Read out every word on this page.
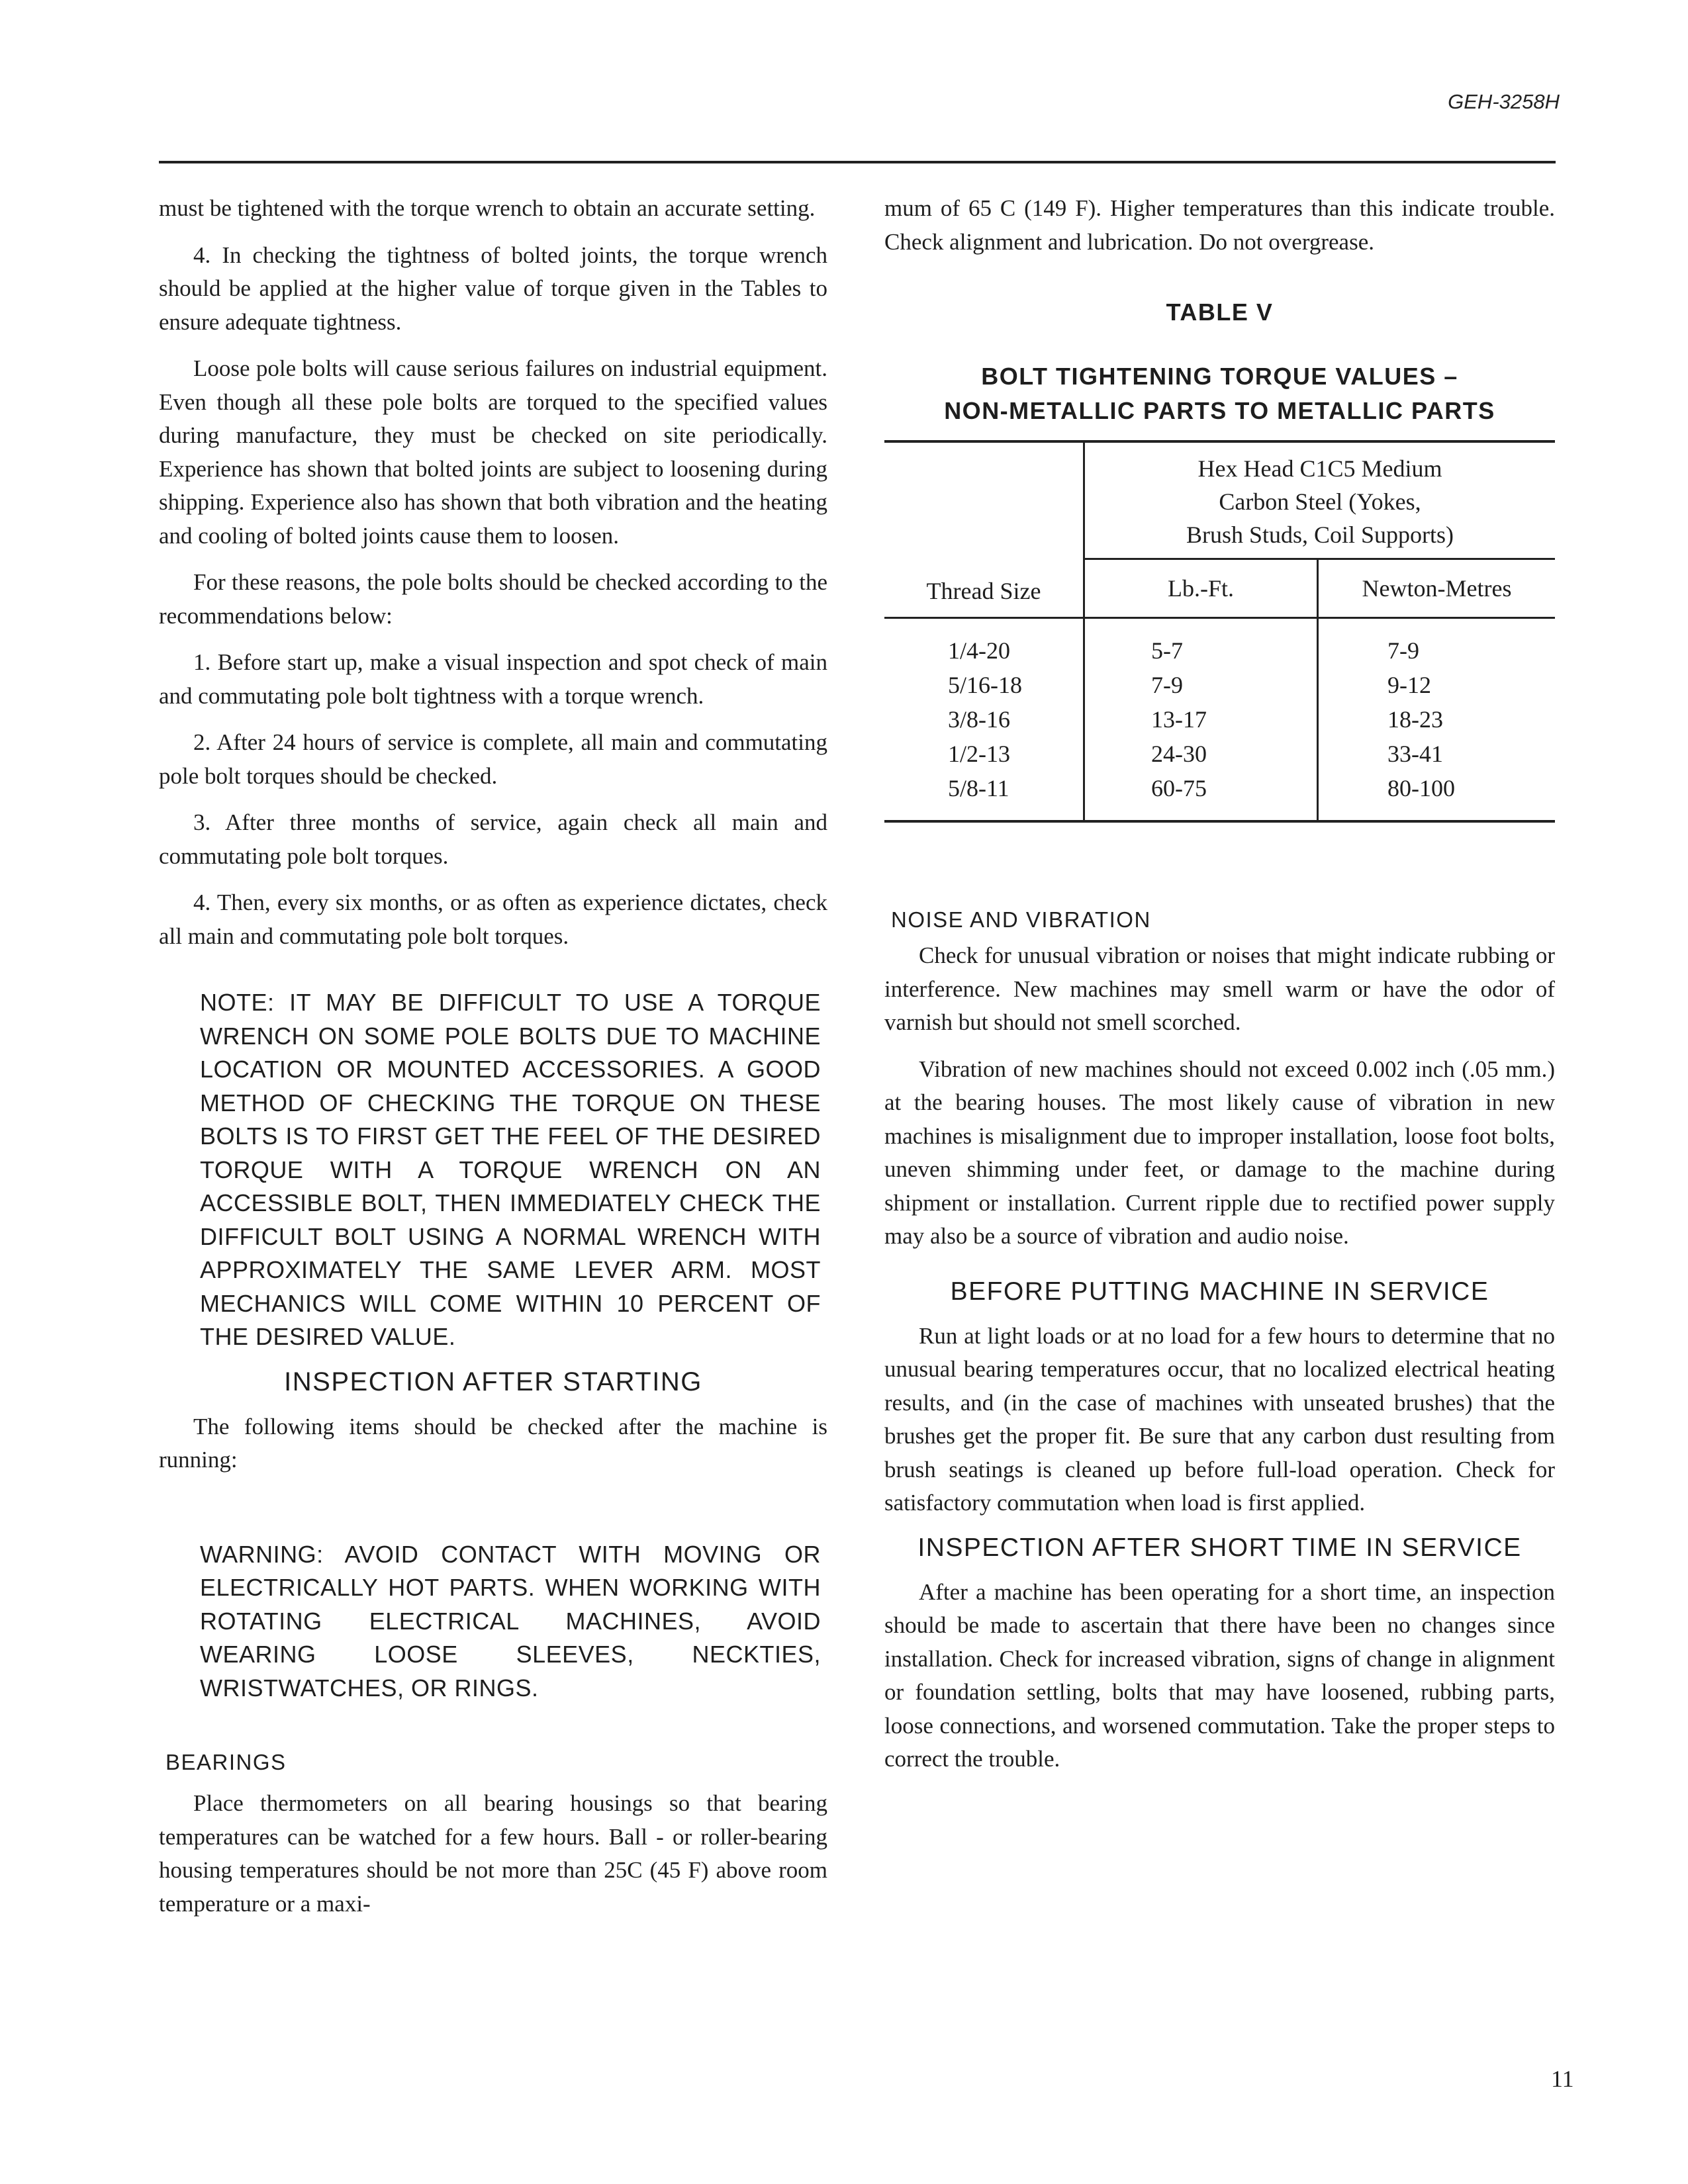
GEH-3258H

must be tightened with the torque wrench to obtain an accurate setting.

4. In checking the tightness of bolted joints, the torque wrench should be applied at the higher value of torque given in the Tables to ensure adequate tightness.

Loose pole bolts will cause serious failures on industrial equipment. Even though all these pole bolts are torqued to the specified values during manufacture, they must be checked on site periodically. Experience has shown that bolted joints are subject to loosening during shipping. Experience also has shown that both vibration and the heating and cooling of bolted joints cause them to loosen.

For these reasons, the pole bolts should be checked according to the recommendations below:

1. Before start up, make a visual inspection and spot check of main and commutating pole bolt tightness with a torque wrench.

2. After 24 hours of service is complete, all main and commutating pole bolt torques should be checked.

3. After three months of service, again check all main and commutating pole bolt torques.

4. Then, every six months, or as often as experience dictates, check all main and commutating pole bolt torques.

NOTE: IT MAY BE DIFFICULT TO USE A TORQUE WRENCH ON SOME POLE BOLTS DUE TO MACHINE LOCATION OR MOUNTED ACCESSORIES. A GOOD METHOD OF CHECKING THE TORQUE ON THESE BOLTS IS TO FIRST GET THE FEEL OF THE DESIRED TORQUE WITH A TORQUE WRENCH ON AN ACCESSIBLE BOLT, THEN IMMEDIATELY CHECK THE DIFFICULT BOLT USING A NORMAL WRENCH WITH APPROXIMATELY THE SAME LEVER ARM. MOST MECHANICS WILL COME WITHIN 10 PERCENT OF THE DESIRED VALUE.
INSPECTION AFTER STARTING

The following items should be checked after the machine is running:

WARNING: AVOID CONTACT WITH MOVING OR ELECTRICALLY HOT PARTS. WHEN WORKING WITH ROTATING ELECTRICAL MACHINES, AVOID WEARING LOOSE SLEEVES, NECKTIES, WRISTWATCHES, OR RINGS.
BEARINGS

Place thermometers on all bearing housings so that bearing temperatures can be watched for a few hours. Ball - or roller-bearing housing temperatures should be not more than 25C (45 F) above room temperature or a maxi-

mum of 65 C (149 F). Higher temperatures than this indicate trouble. Check alignment and lubrication. Do not overgrease.

TABLE V
BOLT TIGHTENING TORQUE VALUES –
NON-METALLIC PARTS TO METALLIC PARTS
Thread Size	Hex Head C1C5 Medium
Carbon Steel (Yokes,
Brush Studs, Coil Supports)	

	Lb.-Ft.	Newton-Metres
1/4-20	5-7	7-9
5/16-18	7-9	9-12
3/8-16	13-17	18-23
1/2-13	24-30	33-41
5/8-11	60-75	80-100
NOISE AND VIBRATION

Check for unusual vibration or noises that might indicate rubbing or interference. New machines may smell warm or have the odor of varnish but should not smell scorched.

Vibration of new machines should not exceed 0.002 inch (.05 mm.) at the bearing houses. The most likely cause of vibration in new machines is misalignment due to improper installation, loose foot bolts, uneven shimming under feet, or damage to the machine during shipment or installation. Current ripple due to rectified power supply may also be a source of vibration and audio noise.

BEFORE PUTTING MACHINE IN SERVICE

Run at light loads or at no load for a few hours to determine that no unusual bearing temperatures occur, that no localized electrical heating results, and (in the case of machines with unseated brushes) that the brushes get the proper fit. Be sure that any carbon dust resulting from brush seatings is cleaned up before full-load operation. Check for satisfactory commutation when load is first applied.

INSPECTION AFTER SHORT TIME IN SERVICE

After a machine has been operating for a short time, an inspection should be made to ascertain that there have been no changes since installation. Check for increased vibration, signs of change in alignment or foundation settling, bolts that may have loosened, rubbing parts, loose connections, and worsened commutation. Take the proper steps to correct the trouble.

11
